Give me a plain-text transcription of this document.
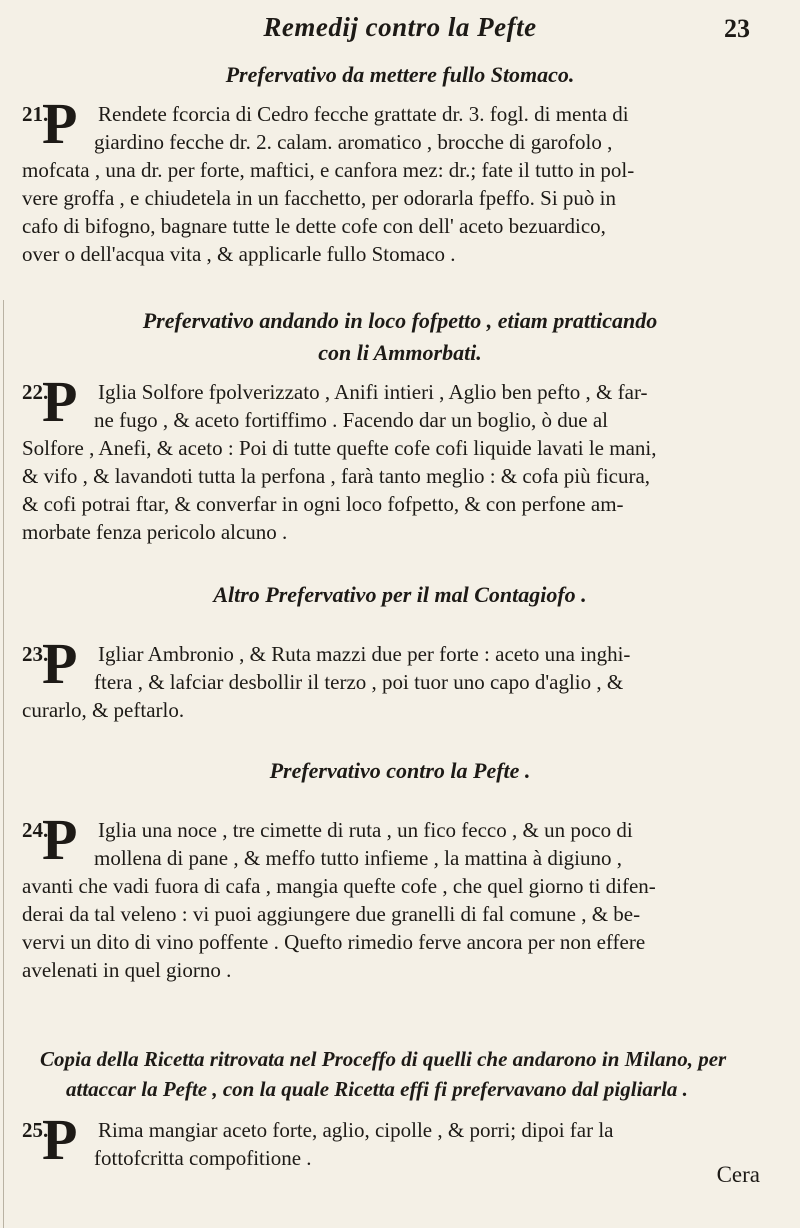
Remedij contro la Pefte	23
Prefervativo da mettere fullo Stomaco.
21. Rendete fcorcia di Cedro fecche grattate dr. 3. fogl. di menta di
giardino fecche dr. 2. calam. aromatico , brocche di garofolo ,
mofcata , una dr. per forte, maftici, e canfora mez: dr.; fate il tutto in pol-
vere groffa , e chiudetela in un facchetto, per odorarla fpeffo. Si può in
cafo di bifogno, bagnare tutte le dette cofe con dell' aceto bezuardico,
over o dell'acqua vita , & applicarle fullo Stomaco .
P
Prefervativo andando in loco fofpetto , etiam pratticando
con li Ammorbati.
22. Iglia Solfore fpolverizzato , Anifi intieri , Aglio ben pefto , & far-
ne fugo , & aceto fortiffimo . Facendo dar un boglio, ò due al
Solfore , Anefi, & aceto : Poi di tutte quefte cofe cofi liquide lavati le mani,
& vifo , & lavandoti tutta la perfona , farà tanto meglio : & cofa più ficura,
& cofi potrai ftar, & converfar in ogni loco fofpetto, & con perfone am-
morbate fenza pericolo alcuno .
P
Altro Prefervativo per il mal Contagiofo .
23. Igliar Ambronio , & Ruta mazzi due per forte : aceto una inghi-
ftera , & lafciar desbollir il terzo , poi tuor uno capo d'aglio , &
curarlo, & peftarlo.
P
Prefervativo contro la Pefte .
24. Iglia una noce , tre cimette di ruta , un fico fecco , & un poco di
mollena di pane , & meffo tutto infieme , la mattina à digiuno ,
avanti che vadi fuora di cafa , mangia quefte cofe , che quel giorno ti difen-
derai da tal veleno : vi puoi aggiungere due granelli di fal comune , & be-
vervi un dito di vino poffente . Quefto rimedio ferve ancora per non effere
avelenati in quel giorno .
P
Copia della Ricetta ritrovata nel Proceffo di quelli che andarono in Milano, per
attaccar la Pefte , con la quale Ricetta effi fi prefervavano dal pigliarla .
25. Rima mangiar aceto forte, aglio, cipolle , & porri; dipoi far la
fottofcritta compofitione .
P
Cera
